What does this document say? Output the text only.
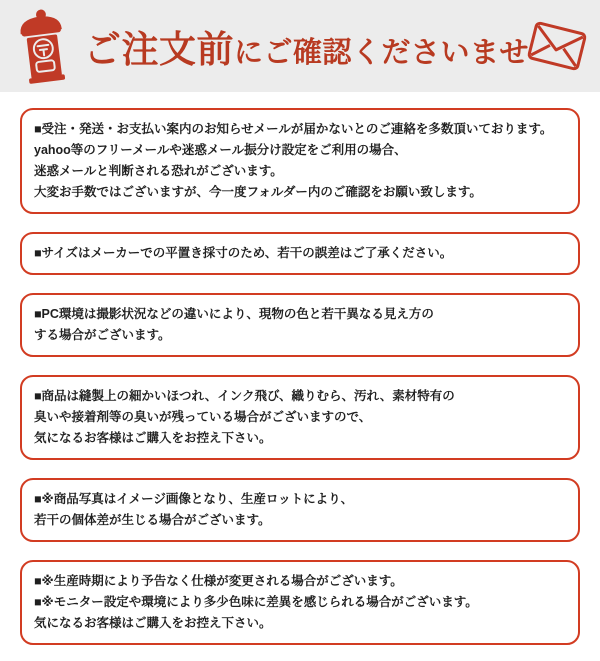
ご注文前にご確認くださいませ

■受注・発送・お支払い案内のお知らせメールが届かないとのご連絡を多数頂いております。

yahoo等のフリーメールや迷惑メール振分け設定をご利用の場合、

迷惑メールと判断される恐れがございます。

大変お手数ではございますが、今一度フォルダー内のご確認をお願い致します。

■サイズはメーカーでの平置き採寸のため、若干の誤差はご了承ください。

■PC環境は撮影状況などの違いにより、現物の色と若干異なる見え方の

する場合がございます。

■商品は縫製上の細かいほつれ、インク飛び、織りむら、汚れ、素材特有の

臭いや接着剤等の臭いが残っている場合がございますので、

気になるお客様はご購入をお控え下さい。

■※商品写真はイメージ画像となり、生産ロットにより、

若干の個体差が生じる場合がございます。

■※生産時期により予告なく仕様が変更される場合がございます。

■※モニター設定や環境により多少色味に差異を感じられる場合がございます。

気になるお客様はご購入をお控え下さい。
